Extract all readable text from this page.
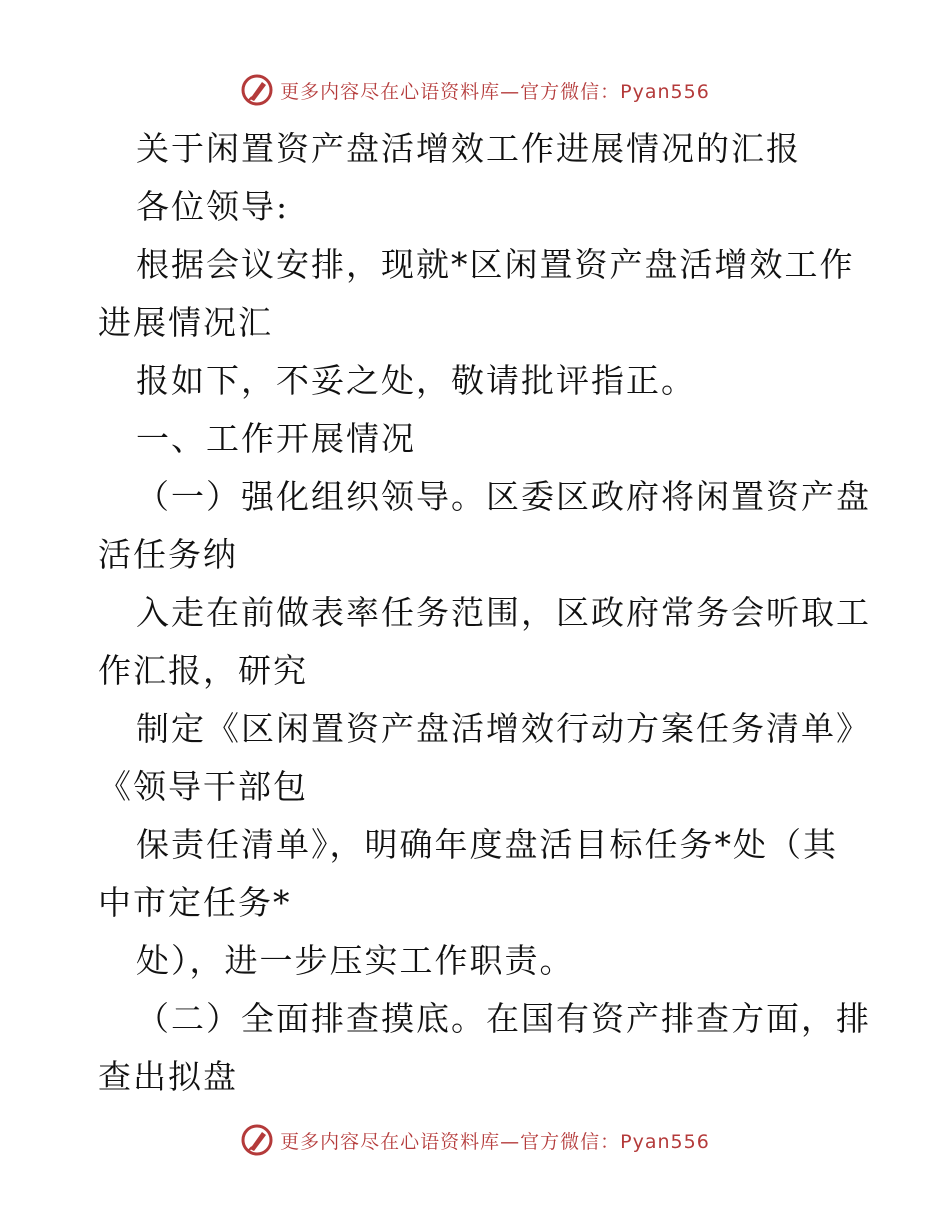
更多内容尽在心语资料库—官方微信：Pyan556
关于闲置资产盘活增效工作进展情况的汇报
各位领导:
根据会议安排，现就*区闲置资产盘活增效工作
进展情况汇
报如下，不妥之处，敬请批评指正。
一、工作开展情况
（一）强化组织领导。区委区政府将闲置资产盘
活任务纳
入走在前做表率任务范围，区政府常务会听取工
作汇报，研究
制定《区闲置资产盘活增效行动方案任务清单》
《领导干部包
保责任清单》，明确年度盘活目标任务*处（其
中市定任务*
处），进一步压实工作职责。
（二）全面排查摸底。在国有资产排查方面，排
查出拟盘
更多内容尽在心语资料库—官方微信：Pyan556
